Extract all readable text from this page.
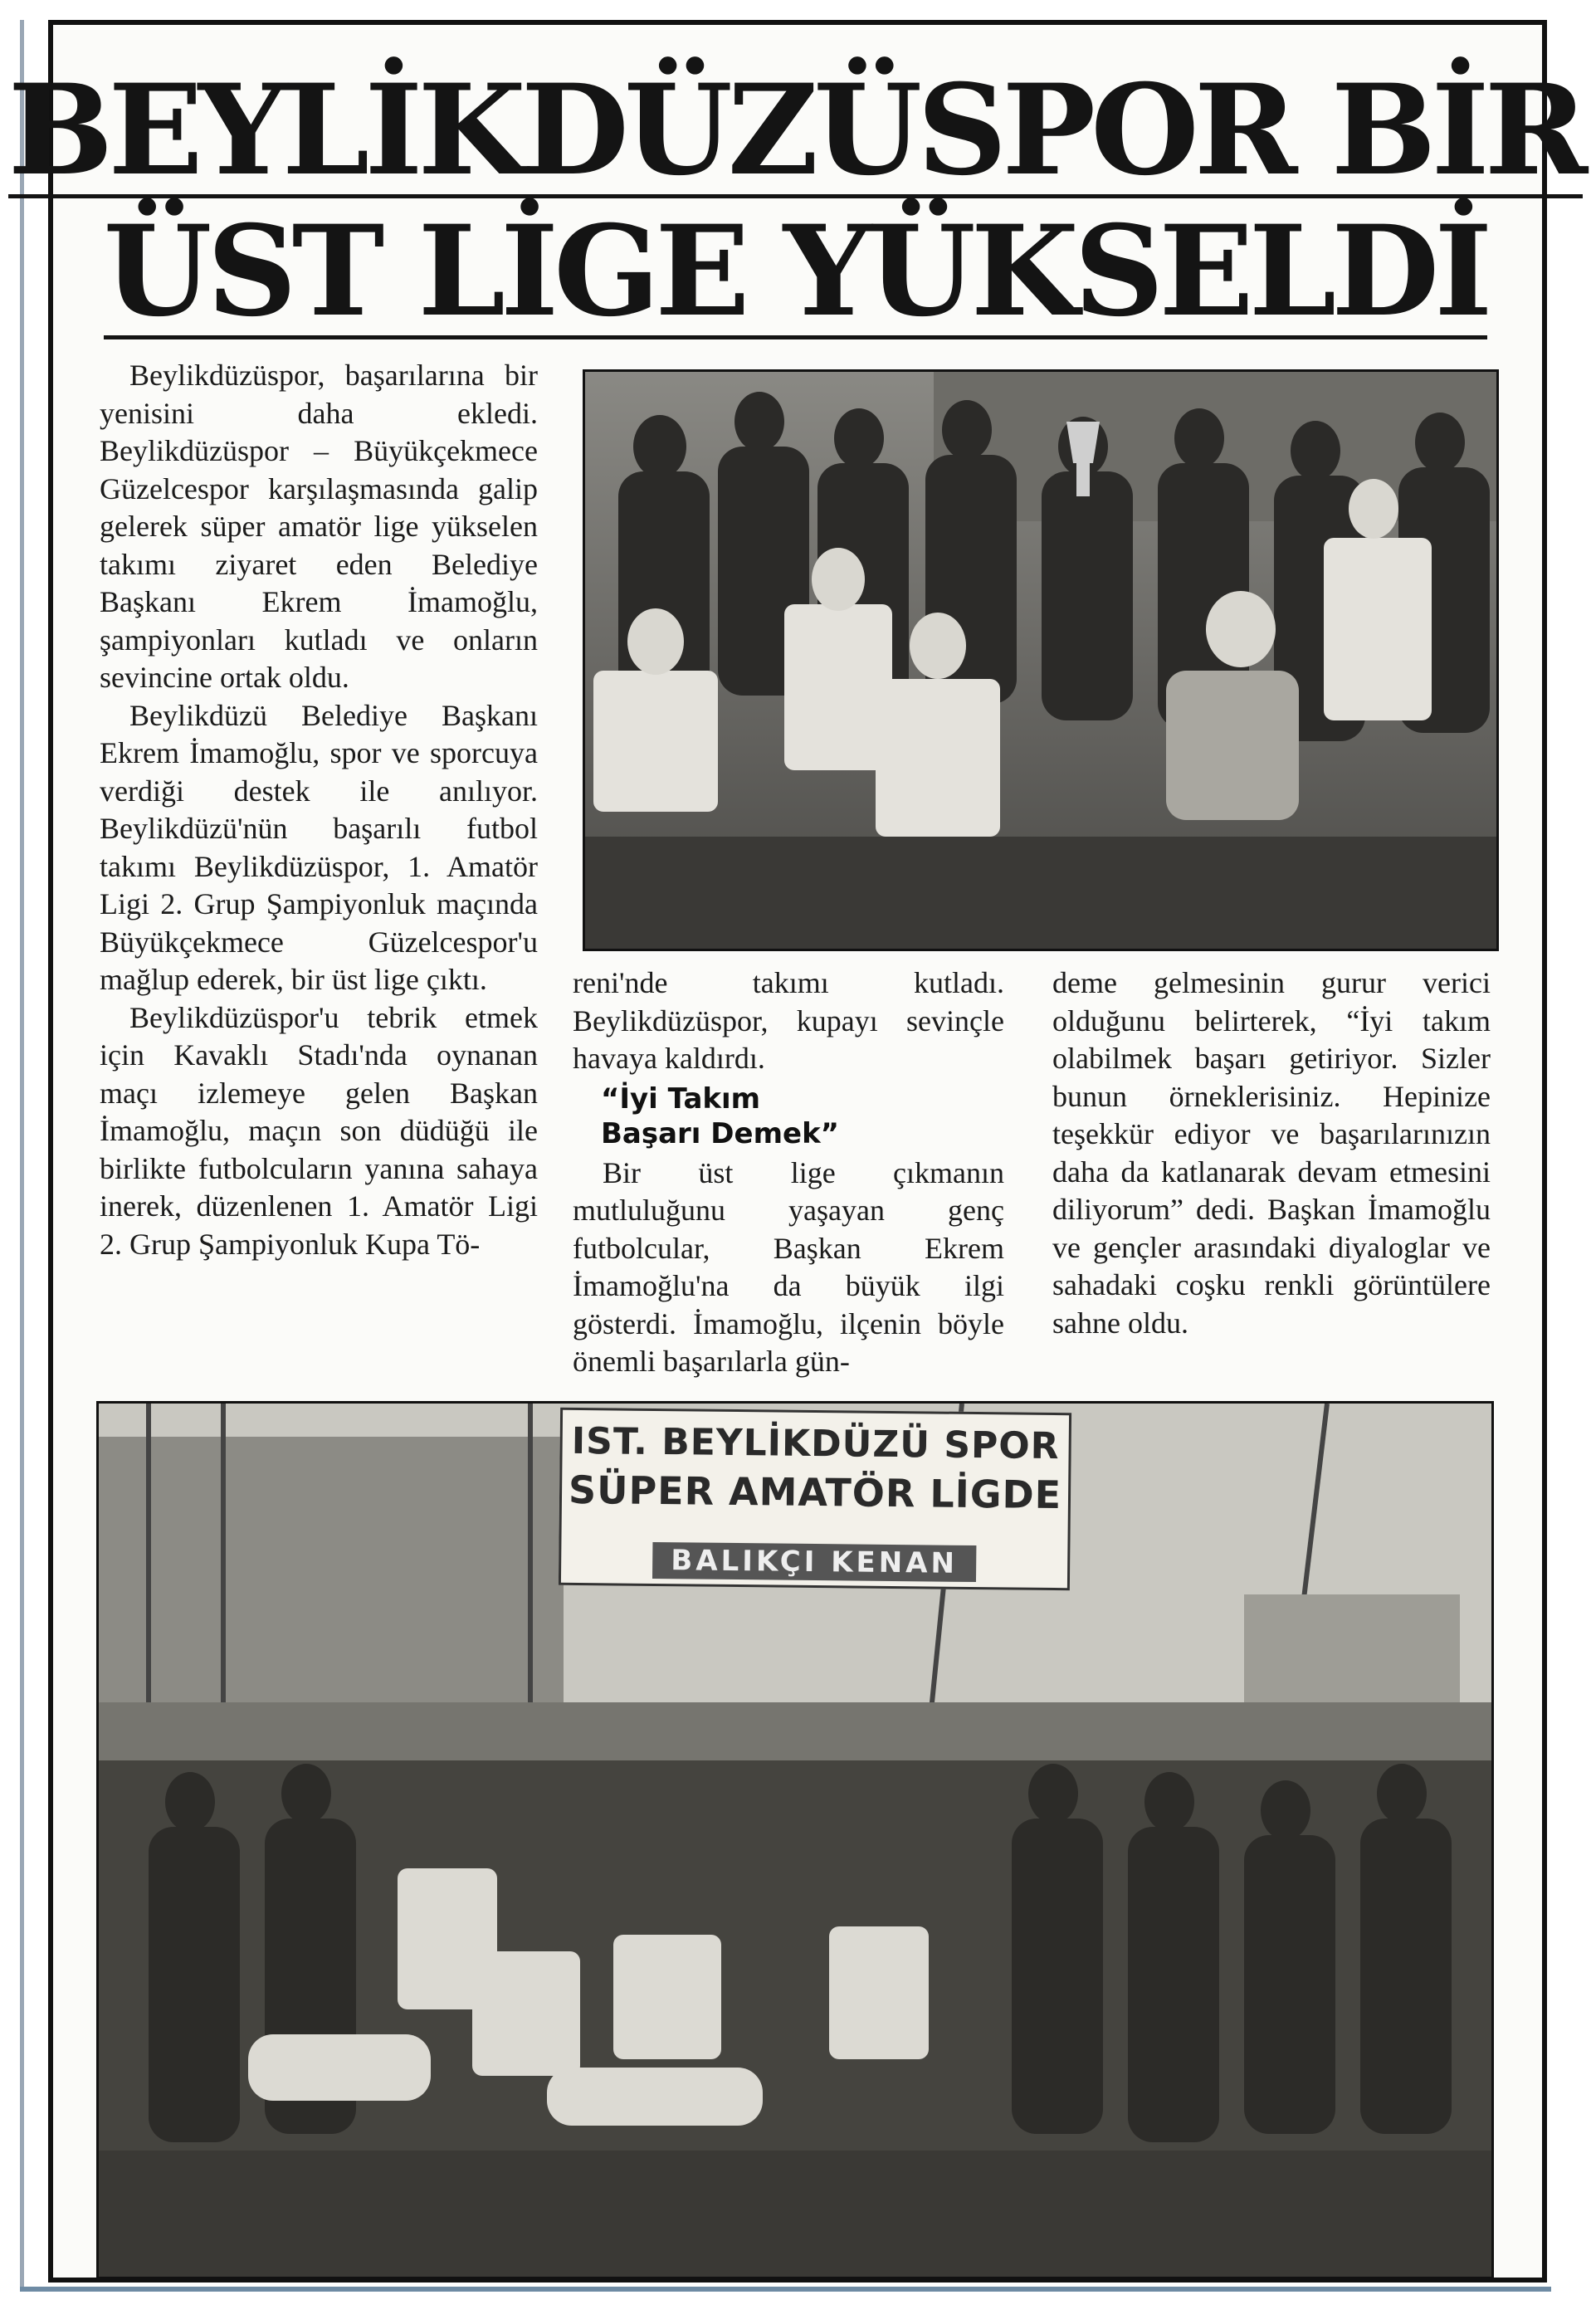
BEYLİKDÜZÜSPOR BİR
ÜST LİGE YÜKSELDİ

Beylikdüzüspor, başarılarına bir yenisini daha ekledi. Beylikdüzüspor – Büyükçekmece Güzelcespor karşılaşmasında galip gelerek süper amatör lige yükselen takımı ziyaret eden Belediye Başkanı Ekrem İmamoğlu, şampiyonları kutladı ve onların sevincine ortak oldu.

Beylikdüzü Belediye Başkanı Ekrem İmamoğlu, spor ve sporcuya verdiği destek ile anılıyor. Beylikdüzü'nün başarılı futbol takımı Beylikdüzüspor, 1. Amatör Ligi 2. Grup Şampiyonluk maçında Büyükçekmece Güzelcespor'u mağlup ederek, bir üst lige çıktı.

Beylikdüzüspor'u tebrik etmek için Kavaklı Stadı'nda oynanan maçı izlemeye gelen Başkan İmamoğlu, maçın son düdüğü ile birlikte futbolcuların yanına sahaya inerek, düzenlenen 1. Amatör Ligi 2. Grup Şampiyonluk Kupa Tö-

reni'nde takımı kutladı. Beylikdüzüspor, kupayı sevinçle havaya kaldırdı.

“İyi Takım
Başarı Demek”

Bir üst lige çıkmanın mutluluğunu yaşayan genç futbolcular, Başkan Ekrem İmamoğlu'na da büyük ilgi gösterdi. İmamoğlu, ilçenin böyle önemli başarılarla gün-

deme gelmesinin gurur verici olduğunu belirterek, “İyi takım olabilmek başarı getiriyor. Sizler bunun örneklerisiniz. Hepinize teşekkür ediyor ve başarılarınızın daha da katlanarak devam etmesini diliyorum” dedi. Başkan İmamoğlu ve gençler arasındaki diyaloglar ve sahadaki coşku renkli görüntülere sahne oldu.

IST. BEYLİKDÜZÜ SPOR
SÜPER AMATÖR LİGDE
BALIKÇI KENAN
